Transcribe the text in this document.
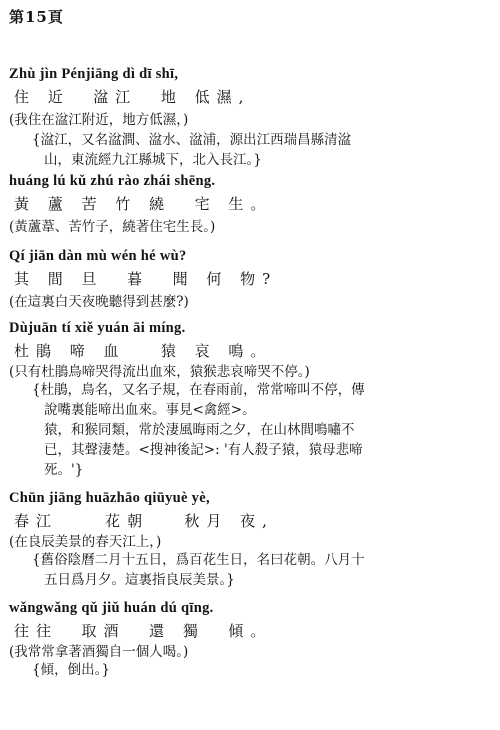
第15頁
Zhù jìn Pénjiāng dì dī shī,
住 近  湓江  地 低濕,
(我住在湓江附近，地方低濕，)

{湓江，又名湓澗、湓水、湓浦，源出江西瑞昌縣清湓

山，東流經九江縣城下，北入長江。}

huáng lú kǔ zhú rào zhái shēng.
黃 蘆 苦 竹 繞  宅 生。
(黃蘆葦、苦竹子，繞著住宅生長。)
Qí jiān dàn mù wén hé wù?
其 間 旦  暮  聞 何 物?
(在這裏白天夜晚聽得到甚麼?)
Dùjuān tí xiě yuán āi míng.
杜鵑 啼 血   猿 哀 鳴。
(只有杜鵑鳥啼哭得流出血來，猿猴悲哀啼哭不停。)

{杜鵑，鳥名，又名子規，在春雨前，常常啼叫不停，傳

說嘴裏能啼出血來。事見<禽經>。

猿，和猴同類，常於淒風晦雨之夕，在山林間鳴嘯不

已，其聲淒楚。<搜神後記>: '有人殺子猿，猿母悲啼

死。'}

Chūn jiāng huāzhāo qiūyuè yè,
春江    花朝   秋月 夜,
(在良辰美景的春天江上，)

{舊俗陰曆二月十五日，爲百花生日，名曰花朝。八月十

五日爲月夕。這裏指良辰美景。}

wǎngwǎng qǔ jiǔ huán dú qīng.
往往  取酒  還 獨  傾。
(我常常拿著酒獨自一個人喝。)

{傾，倒出。}
